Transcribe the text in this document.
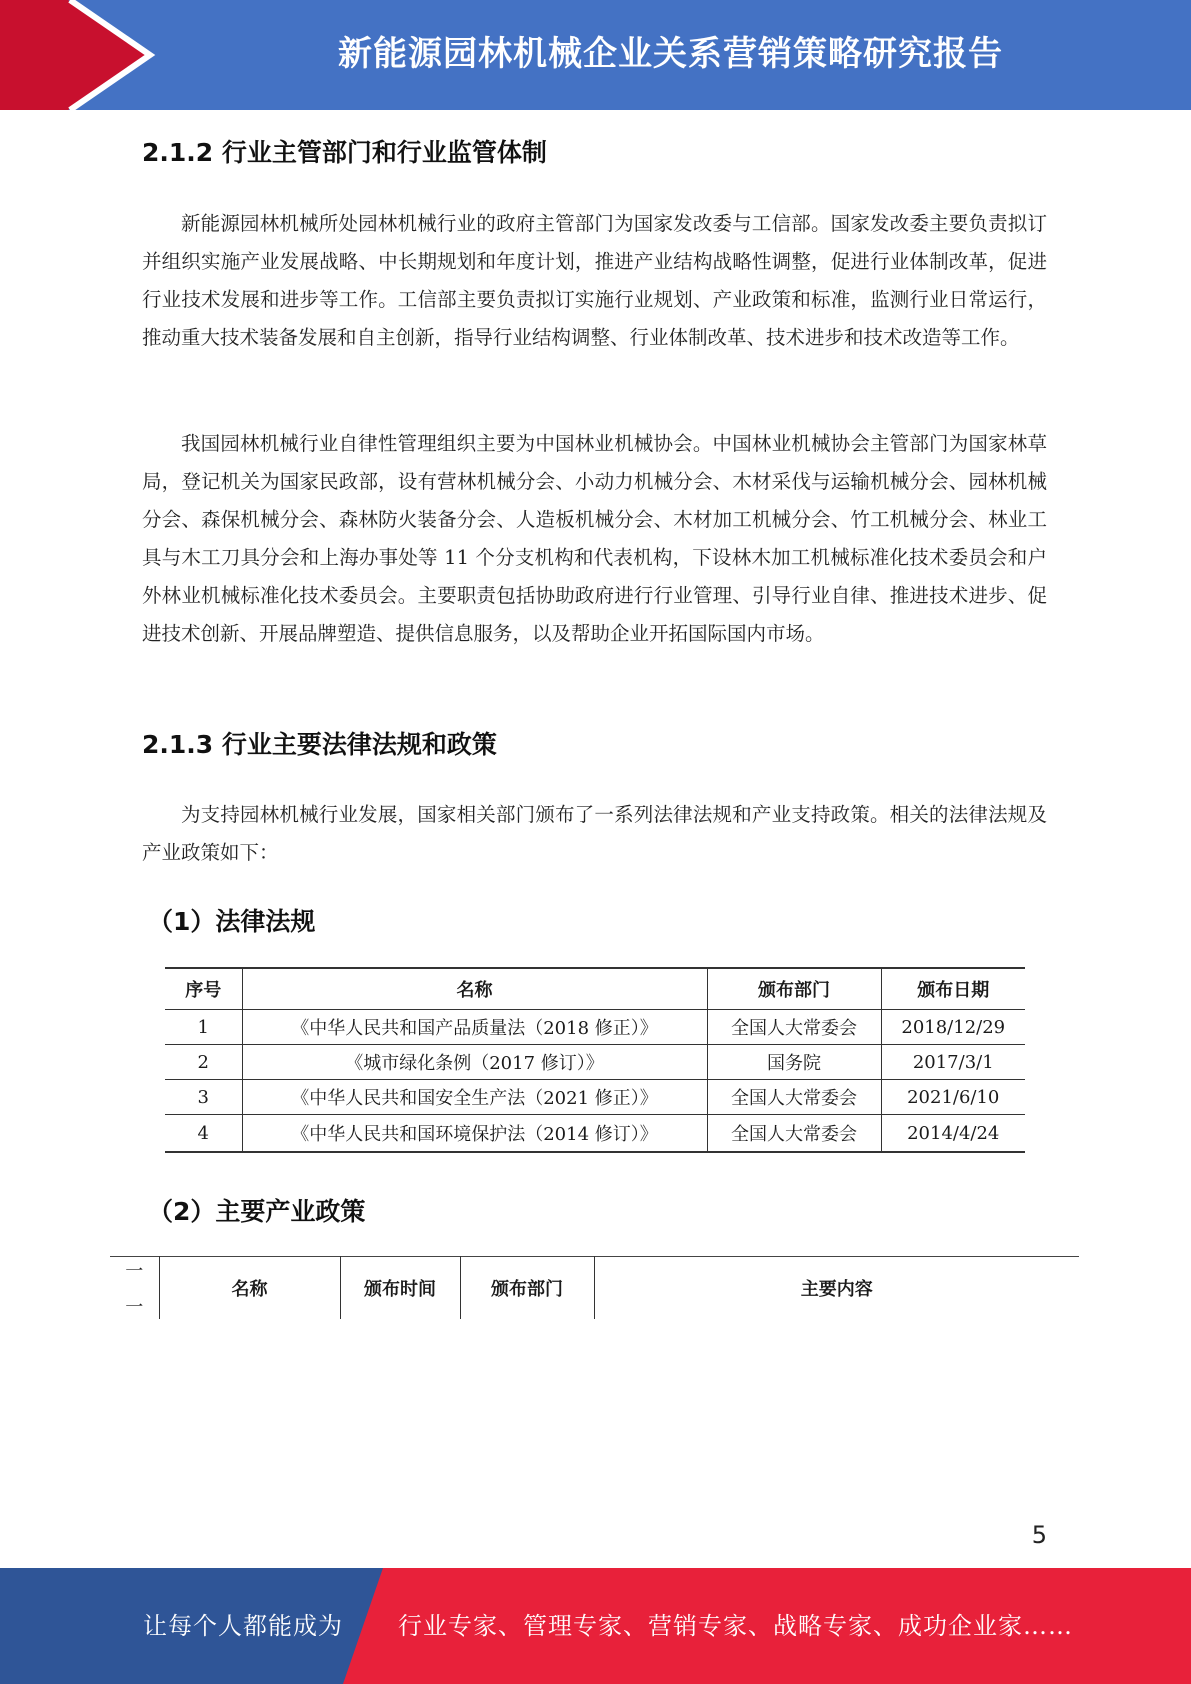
新能源园林机械企业关系营销策略研究报告
2.1.2 行业主管部门和行业监管体制

新能源园林机械所处园林机械行业的政府主管部门为国家发改委与工信部。国家发改委主要负责拟订并组织实施产业发展战略、中长期规划和年度计划，推进产业结构战略性调整，促进行业体制改革，促进行业技术发展和进步等工作。工信部主要负责拟订实施行业规划、产业政策和标准，监测行业日常运行，推动重大技术装备发展和自主创新，指导行业结构调整、行业体制改革、技术进步和技术改造等工作。

我国园林机械行业自律性管理组织主要为中国林业机械协会。中国林业机械协会主管部门为国家林草局，登记机关为国家民政部，设有营林机械分会、小动力机械分会、木材采伐与运输机械分会、园林机械分会、森保机械分会、森林防火装备分会、人造板机械分会、木材加工机械分会、竹工机械分会、林业工具与木工刀具分会和上海办事处等 11 个分支机构和代表机构，下设林木加工机械标准化技术委员会和户外林业机械标准化技术委员会。主要职责包括协助政府进行行业管理、引导行业自律、推进技术进步、促进技术创新、开展品牌塑造、提供信息服务，以及帮助企业开拓国际国内市场。

2.1.3 行业主要法律法规和政策

为支持园林机械行业发展，国家相关部门颁布了一系列法律法规和产业支持政策。相关的法律法规及产业政策如下：

（1）法律法规
序号	名称	颁布部门	颁布日期
1	《中华人民共和国产品质量法（2018 修正）》	全国人大常委会	2018/12/29
2	《城市绿化条例（2017 修订）》	国务院	2017/3/1
3	《中华人民共和国安全生产法（2021 修正）》	全国人大常委会	2021/6/10
4	《中华人民共和国环境保护法（2014 修订）》	全国人大常委会	2014/4/24
（2）主要产业政策
一
一
	名称	颁布时间	颁布部门	主要内容
5
让每个人都能成为 行业专家、管理专家、营销专家、战略专家、成功企业家……
